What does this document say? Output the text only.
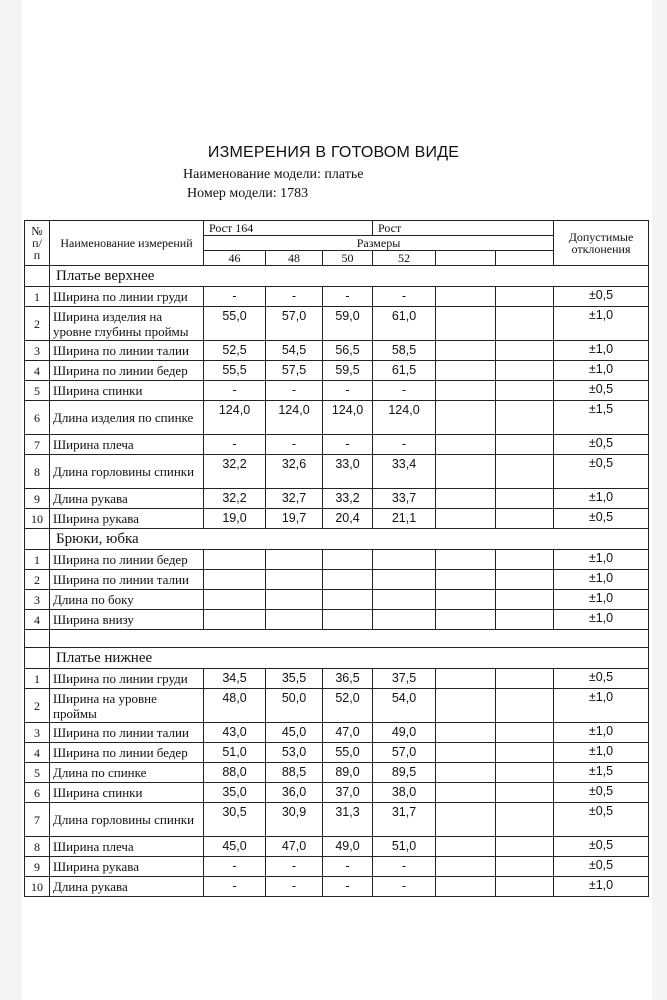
ИЗМЕРЕНИЯ В ГОТОВОМ ВИДЕ
Наименование модели: платье
Номер модели: 1783
№ п/ п	Наименование измерений	Рост 164			Рост			Допустимые отклонения
		Размеры						
		46	48	50	52			
	Платье верхнее							
1	Ширина по линии груди	-	-	-	-			±0,5
2	Ширина изделия на уровне глубины проймы	55,0	57,0	59,0	61,0			±1,0
3	Ширина по линии талии	52,5	54,5	56,5	58,5			±1,0
4	Ширина по линии бедер	55,5	57,5	59,5	61,5			±1,0
5	Ширина спинки	-	-	-	-			±0,5
6	Длина изделия по спинке	124,0	124,0	124,0	124,0			±1,5
7	Ширина плеча	-	-	-	-			±0,5
8	Длина горловины спинки	32,2	32,6	33,0	33,4			±0,5
9	Длина рукава	32,2	32,7	33,2	33,7			±1,0
10	Ширина рукава	19,0	19,7	20,4	21,1			±0,5
	Брюки, юбка							
1	Ширина по линии бедер							±1,0
2	Ширина по линии талии							±1,0
3	Длина по боку							±1,0
4	Ширина внизу							±1,0

	Платье нижнее							
1	Ширина по линии груди	34,5	35,5	36,5	37,5			±0,5
2	Ширина на уровне проймы	48,0	50,0	52,0	54,0			±1,0
3	Ширина по линии талии	43,0	45,0	47,0	49,0			±1,0
4	Ширина по линии бедер	51,0	53,0	55,0	57,0			±1,0
5	Длина по спинке	88,0	88,5	89,0	89,5			±1,5
6	Ширина спинки	35,0	36,0	37,0	38,0			±0,5
7	Длина горловины спинки	30,5	30,9	31,3	31,7			±0,5
8	Ширина плеча	45,0	47,0	49,0	51,0			±0,5
9	Ширина рукава	-	-	-	-			±0,5
10	Длина рукава	-	-	-	-			±1,0
